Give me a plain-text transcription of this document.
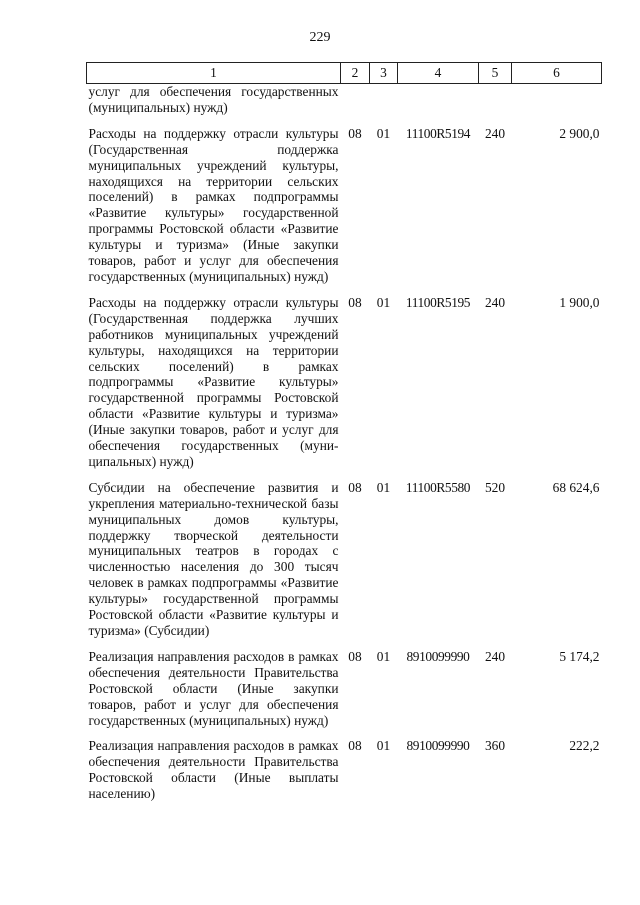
229
1	2	3	4	5	6
услуг для обеспечения государственных (муниципальных) нужд)					
Расходы на поддержку отрасли культуры (Государственная поддержка муниципальных учреждений культуры, находящихся на территории сельских поселений) в рамках подпрограммы «Развитие культуры» государственной программы Ростовской области «Развитие культуры и туризма» (Иные закупки товаров, работ и услуг для обеспечения государственных (муниципальных) нужд)	08	01	11100R5194	240	2 900,0
Расходы на поддержку отрасли культуры (Государственная поддержка лучших работников муниципальных учреждений культуры, находящихся на территории сельских поселений) в рамках подпрограммы «Развитие культуры» государственной программы Ростовской области «Развитие культуры и туризма» (Иные закупки товаров, работ и услуг для обеспечения государственных (муниципальных) нужд)	08	01	11100R5195	240	1 900,0
Субсидии на обеспечение развития и укрепления материально-технической базы муниципальных домов культуры, поддержку творческой деятельности муниципальных театров в городах с численностью населения до 300 тысяч человек в рамках подпрограммы «Развитие культуры» государственной программы Ростовской области «Развитие культуры и туризма» (Субсидии)	08	01	11100R5580	520	68 624,6
Реализация направления расходов в рамках обеспечения деятельности Правительства Ростовской области (Иные закупки товаров, работ и услуг для обеспечения государственных (муниципальных) нужд)	08	01	8910099990	240	5 174,2
Реализация направления расходов в рамках обеспечения деятельности Правительства Ростовской области (Иные выплаты населению)	08	01	8910099990	360	222,2
